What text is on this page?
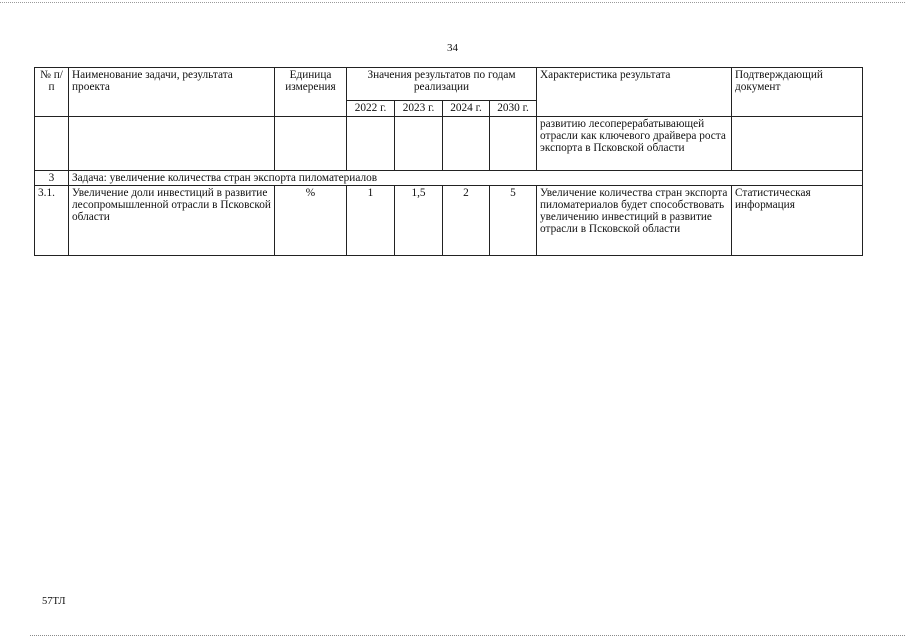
34
№ п/п	Наименование задачи, результата проекта	Единица измерения	Значения результатов по годам реализации				Характеристика результата	Подтверждающий документ
			2022 г.	2023 г.	2024 г.	2030 г.		
							развитию лесоперерабатывающей отрасли как ключевого драйвера роста экспорта в Псковской области	
3	Задача: увеличение количества стран экспорта пиломатериалов							
3.1.	Увеличение доли инвестиций в развитие лесопромышленной отрасли в Псковской области	%	1	1,5	2	5	Увеличение количества стран экспорта пиломатериалов будет способствовать увеличению инвестиций в развитие отрасли в Псковской области	Статистическая информация
57ТЛ
